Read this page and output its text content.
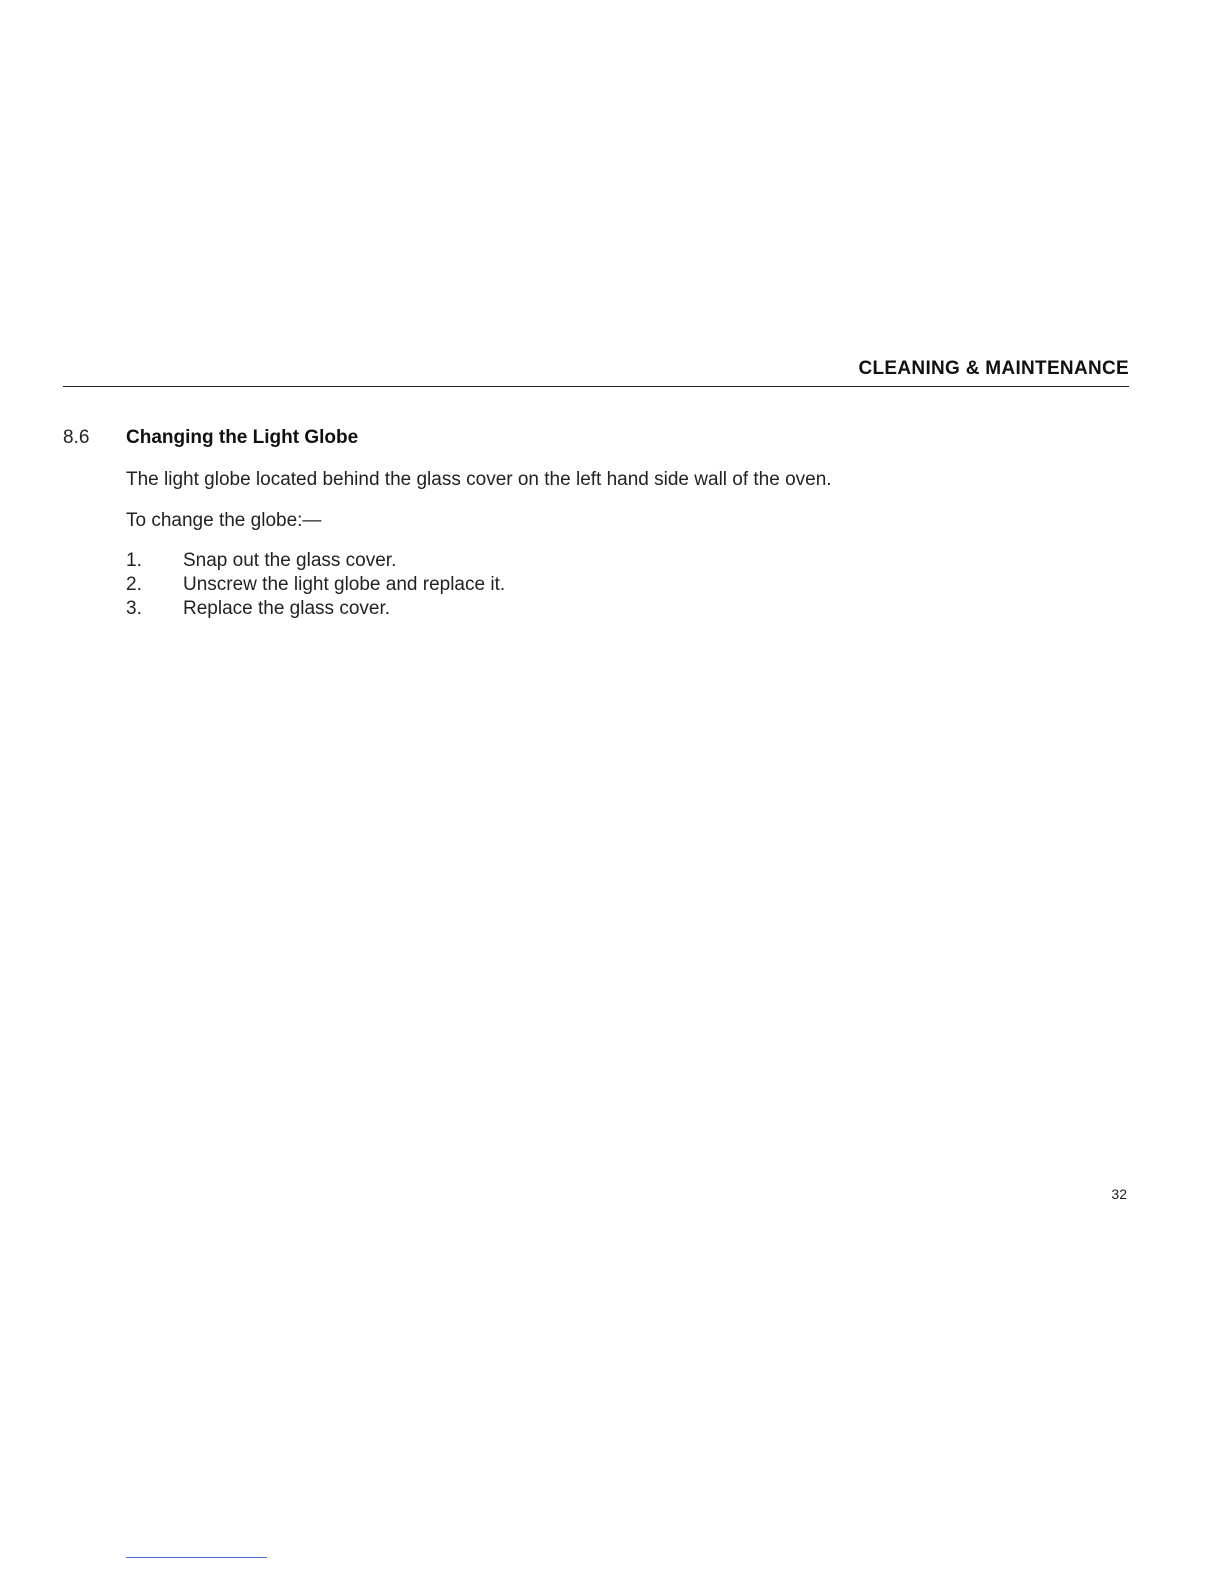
CLEANING & MAINTENANCE
8.6 Changing the Light Globe
The light globe located behind the glass cover on the left hand side wall of the oven.
To change the globe:—
1.	Snap out the glass cover.
2.	Unscrew the light globe and replace it.
3.	Replace the glass cover.
32
